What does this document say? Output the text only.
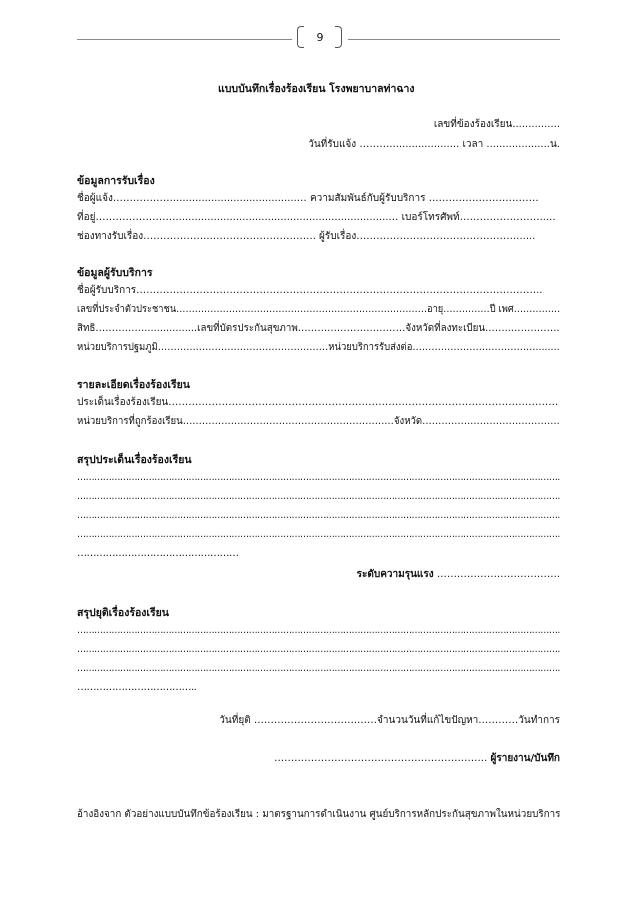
9
แบบบันทึกเรื่องร้องเรียน โรงพยาบาลท่าฉาง
เลขที่ข้องร้องเรียน...............
วันที่รับแจ้ง ………...................... เวลา ....................น.
ข้อมูลการรับเรื่อง
ชื่อผู้แจ้ง……………….......................................… ความสัมพันธ์กับผู้รับบริการ ……………………………
ที่อยู่……………………...................................................................… เบอร์โทรศัพท์…………………….....
ช่องทางรับเรื่อง………………..………………………….. ผู้รับเรื่อง…………………………………………......
ข้อมูลผู้รับบริการ
ชื่อผู้รับบริการ…………………………………………………………………………………………………………..
เลขที่ประจำตัวประชาชน………………………………………………………………………อายุ……………ปี เพศ……………
สิทธิ…………….................เลขที่บัตรประกันสุขภาพ……………………………จังหวัดที่ลงทะเบียน……..……………
หน่วยบริการปฐมภูมิ………………………………………………หน่วยบริการรับส่งต่อ…………………………………........
รายละเอียดเรื่องร้องเรียน
ประเด็นเรื่องร้องเรียน………………………………………………………………………………………………………
หน่วยบริการที่ถูกร้องเรียน…………………………………………………………จังหวัด…………………………………….
สรุปประเด็นเรื่องร้องเรียน
…………………………………………………………………………………………………………………………………………………….
…………………………………………………………………………………………………………………………………………………….
…………………………………………………………………………………………………………………………………………………….
…………………………………………………………………………………………………………………………………………………….
……………………………………………
ระดับความรุนแรง ……………………………….
สรุปยุติเรื่องร้องเรียน
…………………………………………………………………………………………………………………………………………………….
…………………………………………………………………………………………………………………………………………………….
…………………………………………………………………………………………………………………………………………………….
………………………………..
วันที่ยุติ ………………………….……จำนวนวันที่แก้ไขปัญหา…………วันทำการ
………………………………………………………. ผู้รายงาน/บันทึก
อ้างอิงจาก ตัวอย่างแบบบันทึกข้อร้องเรียน : มาตรฐานการดำเนินงาน ศูนย์บริการหลักประกันสุขภาพในหน่วยบริการ
